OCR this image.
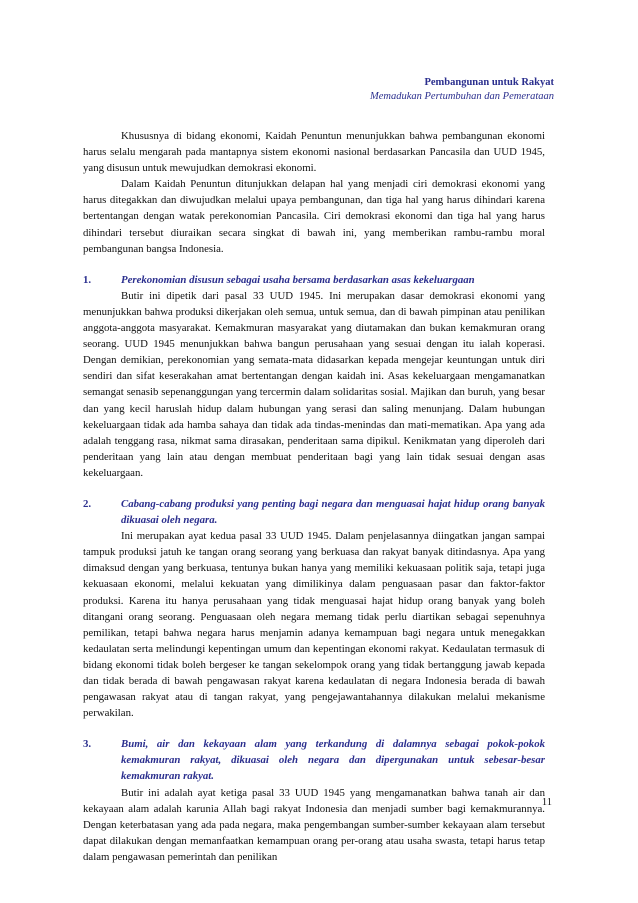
Pembangunan untuk Rakyat
Memadukan Pertumbuhan dan Pemerataan

Khususnya di bidang ekonomi, Kaidah Penuntun menunjukkan bahwa pembangunan ekonomi harus selalu mengarah pada mantapnya sistem ekonomi nasional berdasarkan Pancasila dan UUD 1945, yang disusun untuk mewujudkan demokrasi ekonomi.

Dalam Kaidah Penuntun ditunjukkan delapan hal yang menjadi ciri demokrasi ekonomi yang harus ditegakkan dan diwujudkan melalui upaya pembangunan, dan tiga hal yang harus dihindari karena bertentangan dengan watak perekonomian Pancasila. Ciri demokrasi ekonomi dan tiga hal yang harus dihindari tersebut diuraikan secara singkat di bawah ini, yang memberikan rambu-rambu moral pembangunan bangsa Indonesia.

1.	Perekonomian disusun sebagai usaha bersama berdasarkan asas kekeluargaan

Butir ini dipetik dari pasal 33 UUD 1945. Ini merupakan dasar demokrasi ekonomi yang menunjukkan bahwa produksi dikerjakan oleh semua, untuk semua, dan di bawah pimpinan atau penilikan anggota-anggota masyarakat. Kemakmuran masyarakat yang diutamakan dan bukan kemakmuran orang seorang. UUD 1945 menunjukkan bahwa bangun perusahaan yang sesuai dengan itu ialah koperasi. Dengan demikian, perekonomian yang semata-mata didasarkan kepada mengejar keuntungan untuk diri sendiri dan sifat keserakahan amat bertentangan dengan kaidah ini. Asas kekeluargaan mengamanatkan semangat senasib sepenanggungan yang tercermin dalam solidaritas sosial. Majikan dan buruh, yang besar dan yang kecil haruslah hidup dalam hubungan yang serasi dan saling menunjang. Dalam hubungan kekeluargaan tidak ada hamba sahaya dan tidak ada tindas-menindas dan mati-mematikan. Apa yang ada adalah tenggang rasa, nikmat sama dirasakan, penderitaan sama dipikul. Kenikmatan yang diperoleh dari penderitaan yang lain atau dengan membuat penderitaan bagi yang lain tidak sesuai dengan asas kekeluargaan.

2.	Cabang-cabang produksi yang penting bagi negara dan menguasai hajat hidup orang banyak dikuasai oleh negara.

Ini merupakan ayat kedua pasal 33 UUD 1945. Dalam penjelasannya diingatkan jangan sampai tampuk produksi jatuh ke tangan orang seorang yang berkuasa dan rakyat banyak ditindasnya. Apa yang dimaksud dengan yang berkuasa, tentunya bukan hanya yang memiliki kekuasaan politik saja, tetapi juga kekuasaan ekonomi, melalui kekuatan yang dimilikinya dalam penguasaan pasar dan faktor-faktor produksi. Karena itu hanya perusahaan yang tidak menguasai hajat hidup orang banyak yang boleh ditangani orang seorang. Penguasaan oleh negara memang tidak perlu diartikan sebagai sepenuhnya pemilikan, tetapi bahwa negara harus menjamin adanya kemampuan bagi negara untuk menegakkan kedaulatan serta melindungi kepentingan umum dan kepentingan ekonomi rakyat. Kedaulatan termasuk di bidang ekonomi tidak boleh bergeser ke tangan sekelompok orang yang tidak bertanggung jawab kepada dan tidak berada di bawah pengawasan rakyat karena kedaulatan di negara Indonesia berada di bawah pengawasan rakyat atau di tangan rakyat, yang pengejawantahannya dilakukan melalui mekanisme perwakilan.

3.	Bumi, air dan kekayaan alam yang terkandung di dalamnya sebagai pokok-pokok kemakmuran rakyat, dikuasai oleh negara dan dipergunakan untuk sebesar-besar kemakmuran rakyat.

Butir ini adalah ayat ketiga pasal 33 UUD 1945 yang mengamanatkan bahwa tanah air dan kekayaan alam adalah karunia Allah bagi rakyat Indonesia dan menjadi sumber bagi kemakmurannya. Dengan keterbatasan yang ada pada negara, maka pengembangan sumber-sumber kekayaan alam tersebut dapat dilakukan dengan memanfaatkan kemampuan orang per-orang atau usaha swasta, tetapi harus tetap dalam pengawasan pemerintah dan penilikan

11
